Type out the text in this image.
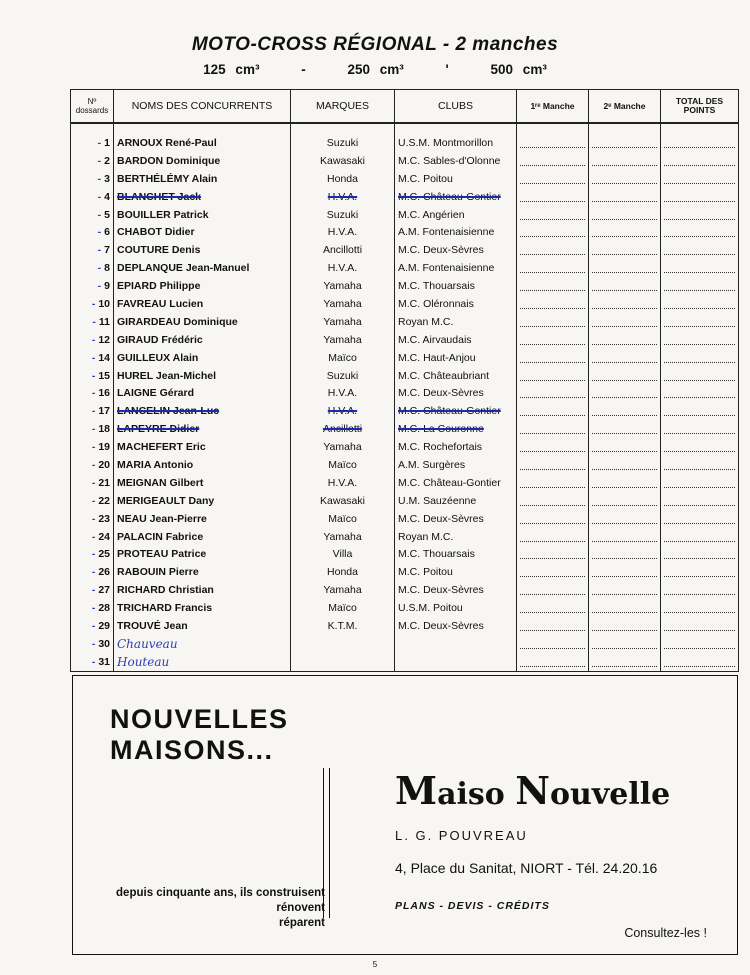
MOTO-CROSS RÉGIONAL - 2 manches
125 cm³	-	250 cm³	'	500 cm³
Nº dossards	NOMS DES CONCURRENTS	MARQUES	CLUBS	1ʳᵉ Manche	2ᵉ Manche	TOTAL DES POINTS

‐ 1	ARNOUX René-Paul	Suzuki	U.S.M. Montmorillon	

‐ 2	BARDON Dominique	Kawasaki	M.C. Sables-d'Olonne	

‐ 3	BERTHÉLÉMY Alain	Honda	M.C. Poitou	

‐ 4	BLANCHET Jack	H.V.A.	M.C. Château-Gontier	

‐ 5	BOUILLER Patrick	Suzuki	M.C. Angérien	

‐ 6	CHABOT Didier	H.V.A.	A.M. Fontenaisienne	

‐ 7	COUTURE Denis	Ancillotti	M.C. Deux-Sèvres	

‐ 8	DEPLANQUE Jean-Manuel	H.V.A.	A.M. Fontenaisienne	

‐ 9	EPIARD Philippe	Yamaha	M.C. Thouarsais	

‐ 10	FAVREAU Lucien	Yamaha	M.C. Oléronnais	

‐ 11	GIRARDEAU Dominique	Yamaha	Royan M.C.	

‐ 12	GIRAUD Frédéric	Yamaha	M.C. Airvaudais	

‐ 14	GUILLEUX Alain	Maïco	M.C. Haut-Anjou	

‐ 15	HUREL Jean-Michel	Suzuki	M.C. Châteaubriant	

‐ 16	LAIGNE Gérard	H.V.A.	M.C. Deux-Sèvres	

‐ 17	LANCELIN Jean-Luc	H.V.A.	M.C. Château-Gontier	

‐ 18	LAPEYRE Didier	Ancillotti	M.C. La Couronne	

‐ 19	MACHEFERT Eric	Yamaha	M.C. Rochefortais	

‐ 20	MARIA Antonio	Maïco	A.M. Surgères	

‐ 21	MEIGNAN Gilbert	H.V.A.	M.C. Château-Gontier	

‐ 22	MERIGEAULT Dany	Kawasaki	U.M. Sauzéenne	

‐ 23	NEAU Jean-Pierre	Maïco	M.C. Deux-Sèvres	

‐ 24	PALACIN Fabrice	Yamaha	Royan M.C.	

‐ 25	PROTEAU Patrice	Villa	M.C. Thouarsais	

‐ 26	RABOUIN Pierre	Honda	M.C. Poitou	

‐ 27	RICHARD Christian	Yamaha	M.C. Deux-Sèvres	

‐ 28	TRICHARD Francis	Maïco	U.S.M. Poitou	

‐ 29	TROUVÉ Jean	K.T.M.	M.C. Deux-Sèvres	

‐ 30	Chauveau			

‐ 31	Houteau			

NOUVELLES
MAISONS...
depuis cinquante ans, ils construisent
rénovent
réparent
Maiso Nouvelle
L. G. POUVREAU
4, Place du Sanitat, NIORT - Tél. 24.20.16
PLANS - DEVIS - CRÉDITS
Consultez-les !
5
